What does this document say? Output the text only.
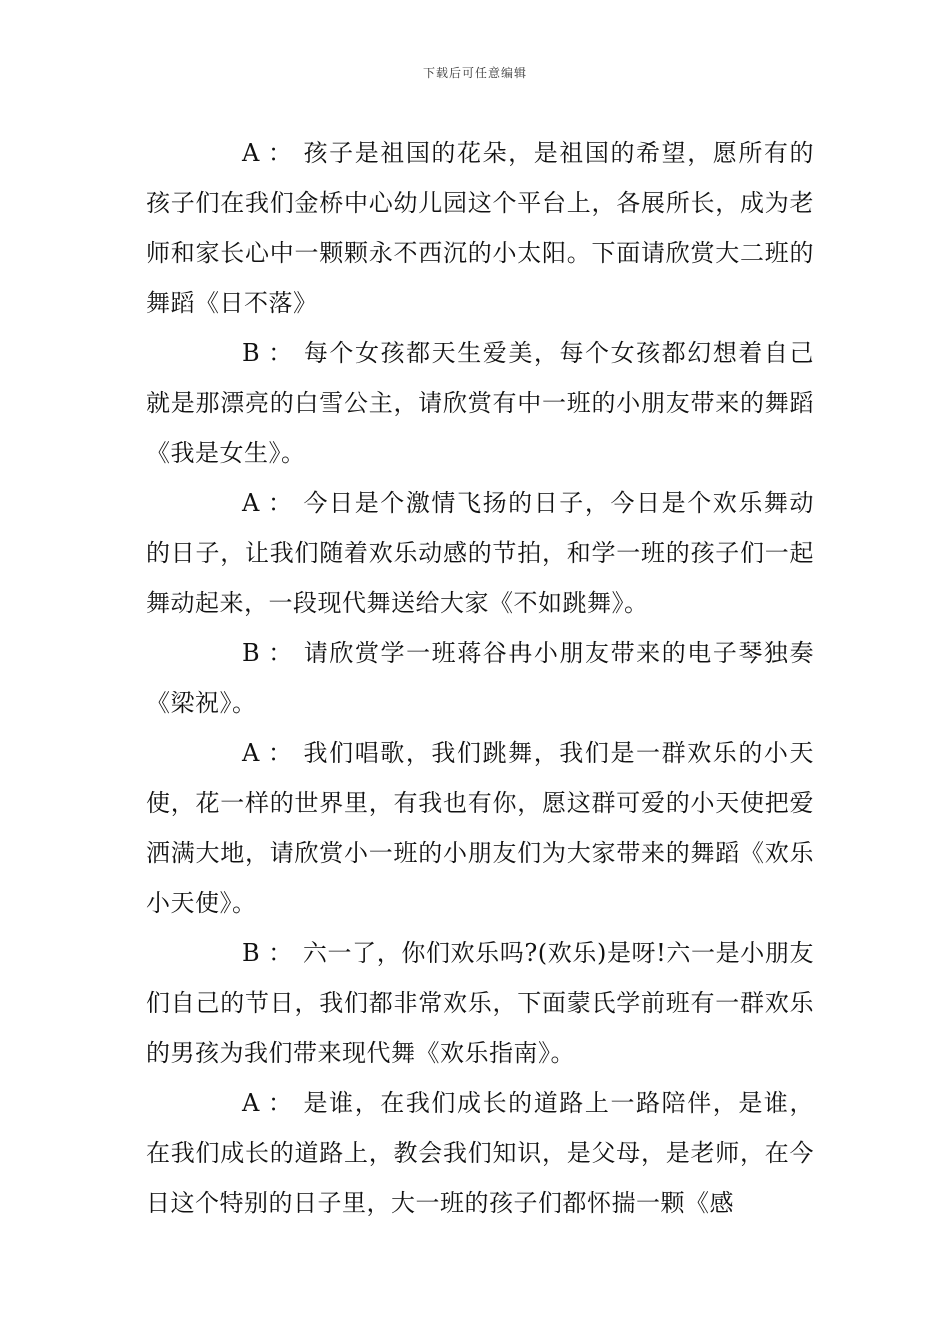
下载后可任意编辑

A ： 孩子是祖国的花朵，是祖国的希望，愿所有的孩子们在我们金桥中心幼儿园这个平台上，各展所长，成为老师和家长心中一颗颗永不西沉的小太阳。下面请欣赏大二班的舞蹈《日不落》

B ： 每个女孩都天生爱美，每个女孩都幻想着自己就是那漂亮的白雪公主，请欣赏有中一班的小朋友带来的舞蹈《我是女生》。

A ： 今日是个激情飞扬的日子，今日是个欢乐舞动的日子，让我们随着欢乐动感的节拍，和学一班的孩子们一起舞动起来，一段现代舞送给大家《不如跳舞》。

B ： 请欣赏学一班蒋谷冉小朋友带来的电子琴独奏《梁祝》。

A ： 我们唱歌，我们跳舞，我们是一群欢乐的小天使，花一样的世界里，有我也有你，愿这群可爱的小天使把爱洒满大地，请欣赏小一班的小朋友们为大家带来的舞蹈《欢乐小天使》。

B ： 六一了，你们欢乐吗?(欢乐)是呀!六一是小朋友们自己的节日，我们都非常欢乐，下面蒙氏学前班有一群欢乐的男孩为我们带来现代舞《欢乐指南》。

A ： 是谁，在我们成长的道路上一路陪伴，是谁，在我们成长的道路上，教会我们知识，是父母，是老师，在今日这个特别的日子里，大一班的孩子们都怀揣一颗《感
